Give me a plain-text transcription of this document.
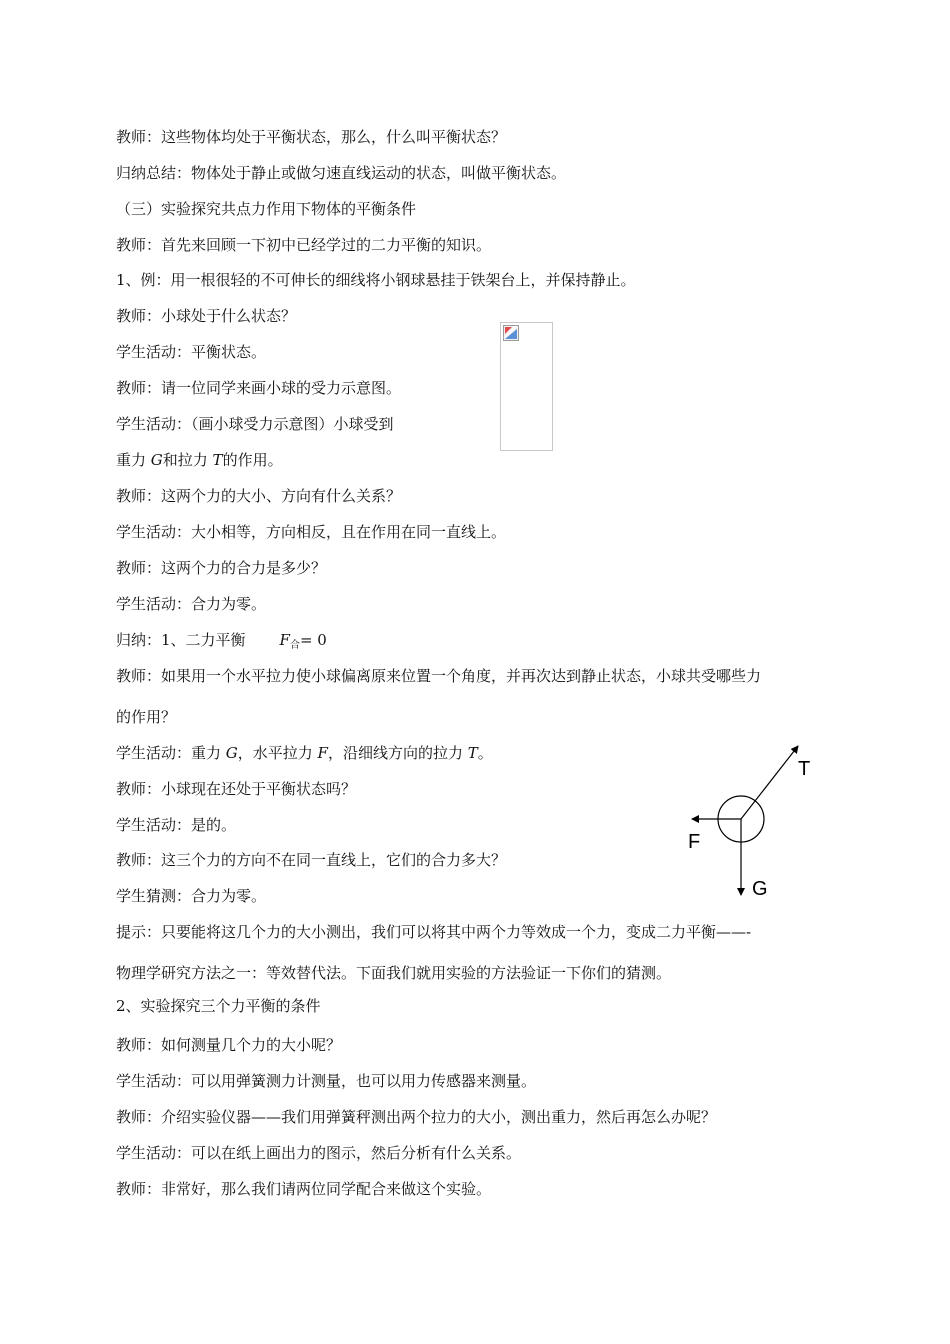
教师：这些物体均处于平衡状态，那么，什么叫平衡状态？
归纳总结：物体处于静止或做匀速直线运动的状态，叫做平衡状态。
（三）实验探究共点力作用下物体的平衡条件
教师：首先来回顾一下初中已经学过的二力平衡的知识。
1、例：用一根很轻的不可伸长的细线将小钢球悬挂于铁架台上，并保持静止。
教师：小球处于什么状态？
学生活动：平衡状态。
教师：请一位同学来画小球的受力示意图。
学生活动：（画小球受力示意图）小球受到
重力 G和拉力 T的作用。
教师：这两个力的大小、方向有什么关系？
学生活动：大小相等，方向相反，且在作用在同一直线上。
教师：这两个力的合力是多少？
学生活动：合力为零。
归纳：1、二力平衡 $F_合= 0$
教师：如果用一个水平拉力使小球偏离原来位置一个角度，并再次达到静止状态，小球共受哪些力
的作用？
学生活动：重力 G，水平拉力 F，沿细线方向的拉力 T。
教师：小球现在还处于平衡状态吗？
学生活动：是的。
教师：这三个力的方向不在同一直线上，它们的合力多大？
学生猜测：合力为零。
提示：只要能将这几个力的大小测出，我们可以将其中两个力等效成一个力，变成二力平衡——-
物理学研究方法之一：等效替代法。下面我们就用实验的方法验证一下你们的猜测。
2、实验探究三个力平衡的条件
教师：如何测量几个力的大小呢？
学生活动：可以用弹簧测力计测量，也可以用力传感器来测量。
教师：介绍实验仪器——我们用弹簧秤测出两个拉力的大小，测出重力，然后再怎么办呢？
学生活动：可以在纸上画出力的图示，然后分析有什么关系。
教师：非常好，那么我们请两位同学配合来做这个实验。
T
F
G
